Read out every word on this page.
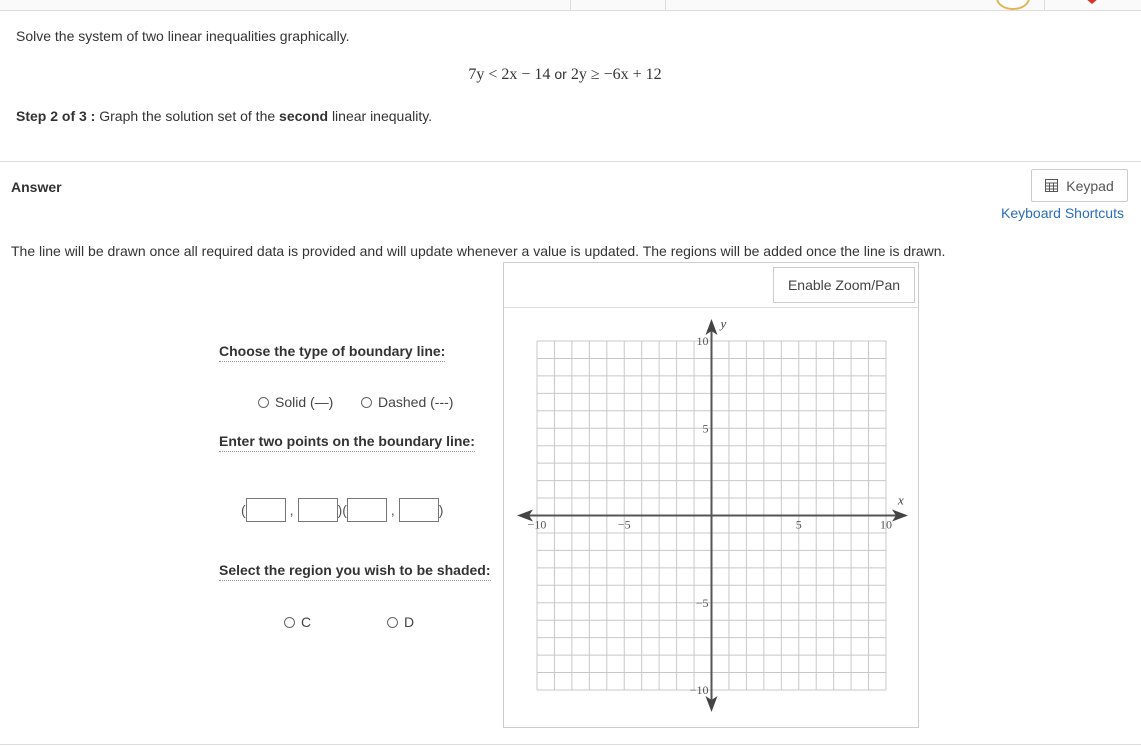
Solve the system of two linear inequalities graphically.
7y < 2x − 14 or 2y ≥ −6x + 12
Step 2 of 3 : Graph the solution set of the second linear inequality.
Answer	Keypad
Keyboard Shortcuts
The line will be drawn once all required data is provided and will update whenever a value is updated. The regions will be added once the line is drawn.
Choose the type of boundary line:
Solid (—)	Dashed (---)
Enter two points on the boundary line:
(	,	) (	,	)
Select the region you wish to be shaded:
C	D
Enable Zoom/Pan
x
y
−10	−5	5	10
10
5
−5
−10
